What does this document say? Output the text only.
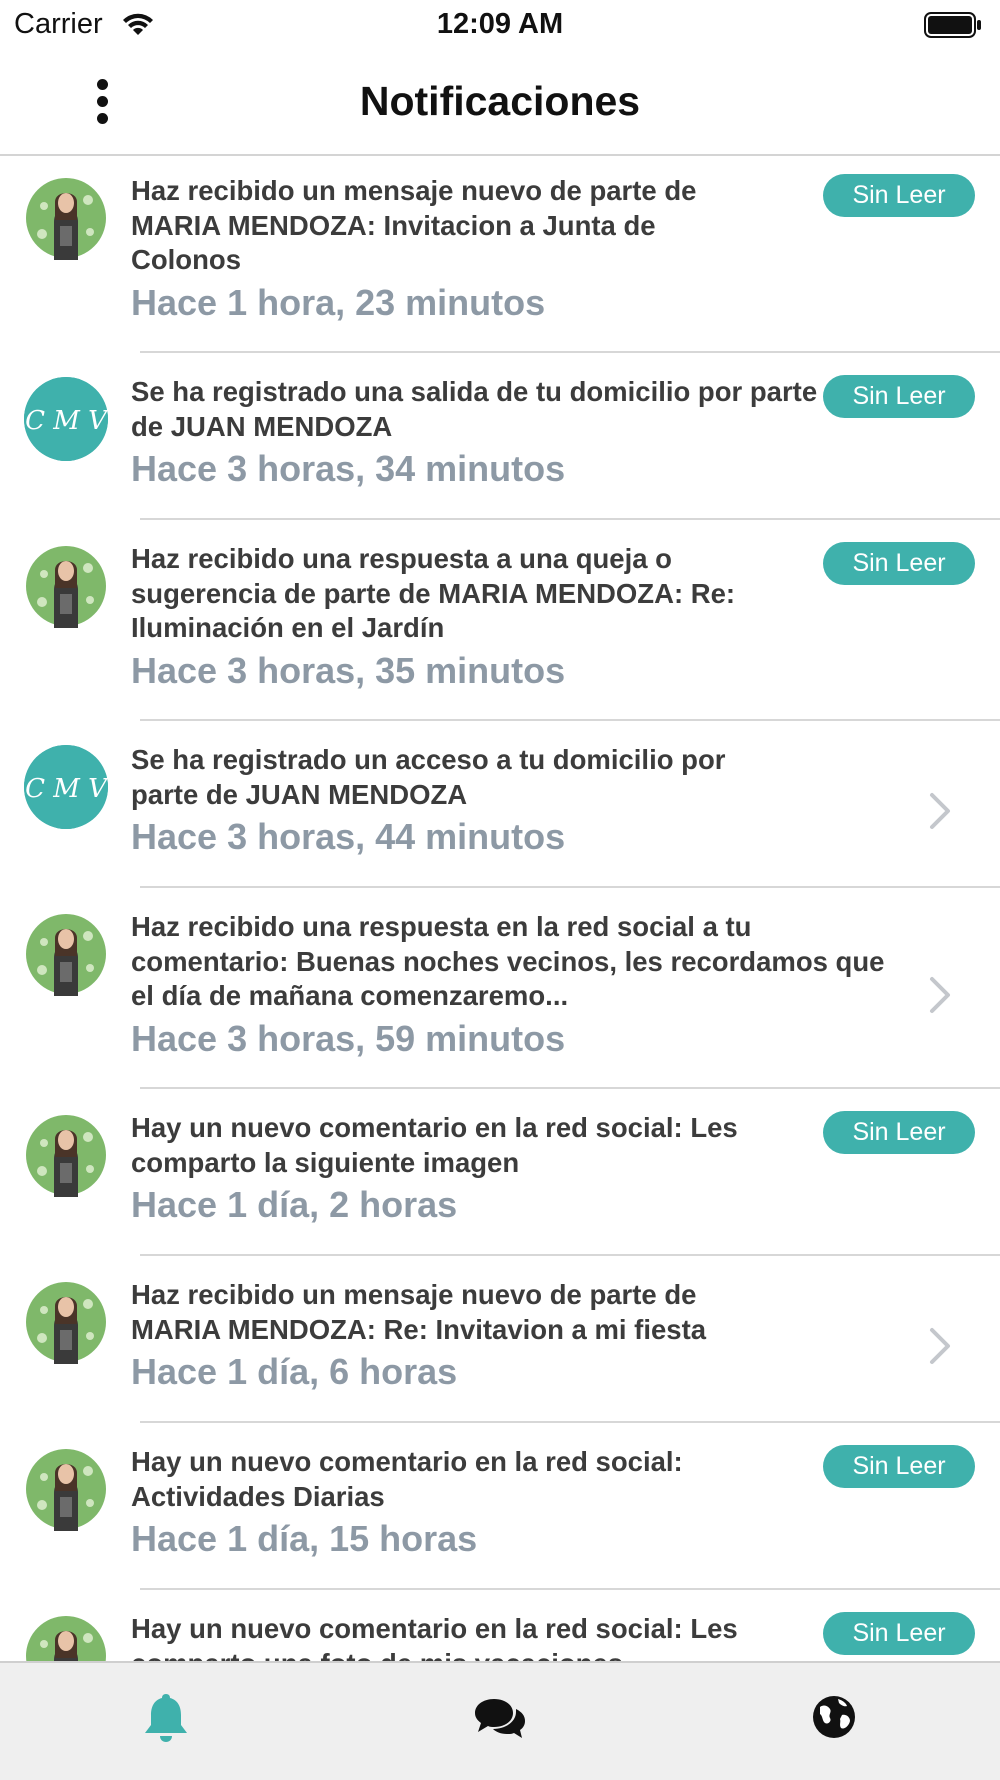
Carrier	12:09 AM
Notificaciones
Haz recibido un mensaje nuevo de parte de MARIA MENDOZA: Invitacion a Junta de Colonos
Hace 1 hora, 23 minutos
Sin Leer
C M V
Se ha registrado una salida de tu domicilio por parte de JUAN MENDOZA
Hace 3 horas, 34 minutos
Sin Leer
Haz recibido una respuesta a una queja o sugerencia de parte de MARIA MENDOZA: Re: Iluminación en el Jardín
Hace 3 horas, 35 minutos
Sin Leer
C M V
Se ha registrado un acceso a tu domicilio por parte de JUAN MENDOZA
Hace 3 horas, 44 minutos
Haz recibido una respuesta en la red social a tu comentario: Buenas noches vecinos, les recordamos que el día de mañana comenzaremo...
Hace 3 horas, 59 minutos
Hay un nuevo comentario en la red social: Les comparto la siguiente imagen
Hace 1 día, 2 horas
Sin Leer
Haz recibido un mensaje nuevo de parte de MARIA MENDOZA: Re: Invitavion a mi fiesta
Hace 1 día, 6 horas
Hay un nuevo comentario en la red social: Actividades Diarias
Hace 1 día, 15 horas
Sin Leer
Hay un nuevo comentario en la red social: Les	Sin Leer
